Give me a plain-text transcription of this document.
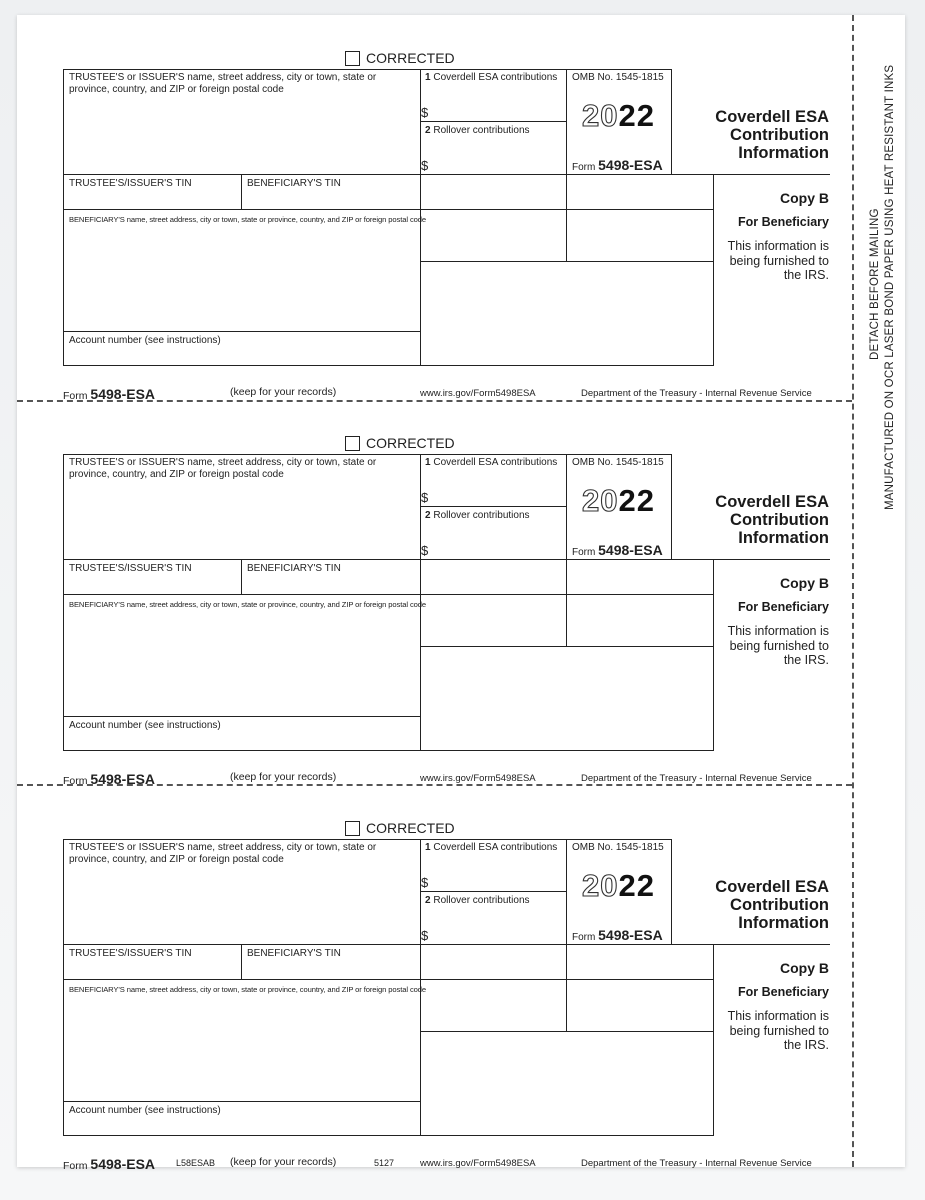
DETACH BEFORE MAILING MANUFACTURED ON OCR LASER BOND PAPER USING HEAT RESISTANT INKS
CORRECTED
TRUSTEE'S or ISSUER'S name, street address, city or town, state or province, country, and ZIP or foreign postal code
1 Coverdell ESA contributions
$
2 Rollover contributions
$
OMB No. 1545-1815
2022
Form 5498-ESA
Coverdell ESA
Contribution
Information
TRUSTEE'S/ISSUER'S TIN	BENEFICIARY'S TIN
Copy B
For Beneficiary
This information is being furnished to the IRS.
BENEFICIARY'S name, street address, city or town, state or province, country, and ZIP or foreign postal code
Account number (see instructions)
Form 5498-ESA	(keep for your records)	www.irs.gov/Form5498ESA	Department of the Treasury - Internal Revenue Service
CORRECTED
TRUSTEE'S or ISSUER'S name, street address, city or town, state or province, country, and ZIP or foreign postal code
1 Coverdell ESA contributions
$
2 Rollover contributions
$
OMB No. 1545-1815
2022
Form 5498-ESA
Coverdell ESA
Contribution
Information
TRUSTEE'S/ISSUER'S TIN	BENEFICIARY'S TIN
Copy B
For Beneficiary
This information is being furnished to the IRS.
BENEFICIARY'S name, street address, city or town, state or province, country, and ZIP or foreign postal code
Account number (see instructions)
Form 5498-ESA	(keep for your records)	www.irs.gov/Form5498ESA	Department of the Treasury - Internal Revenue Service
CORRECTED
TRUSTEE'S or ISSUER'S name, street address, city or town, state or province, country, and ZIP or foreign postal code
1 Coverdell ESA contributions
$
2 Rollover contributions
$
OMB No. 1545-1815
2022
Form 5498-ESA
Coverdell ESA
Contribution
Information
TRUSTEE'S/ISSUER'S TIN	BENEFICIARY'S TIN
Copy B
For Beneficiary
This information is being furnished to the IRS.
BENEFICIARY'S name, street address, city or town, state or province, country, and ZIP or foreign postal code
Account number (see instructions)
Form 5498-ESA L58ESAB (keep for your records)	5127	www.irs.gov/Form5498ESA	Department of the Treasury - Internal Revenue Service
